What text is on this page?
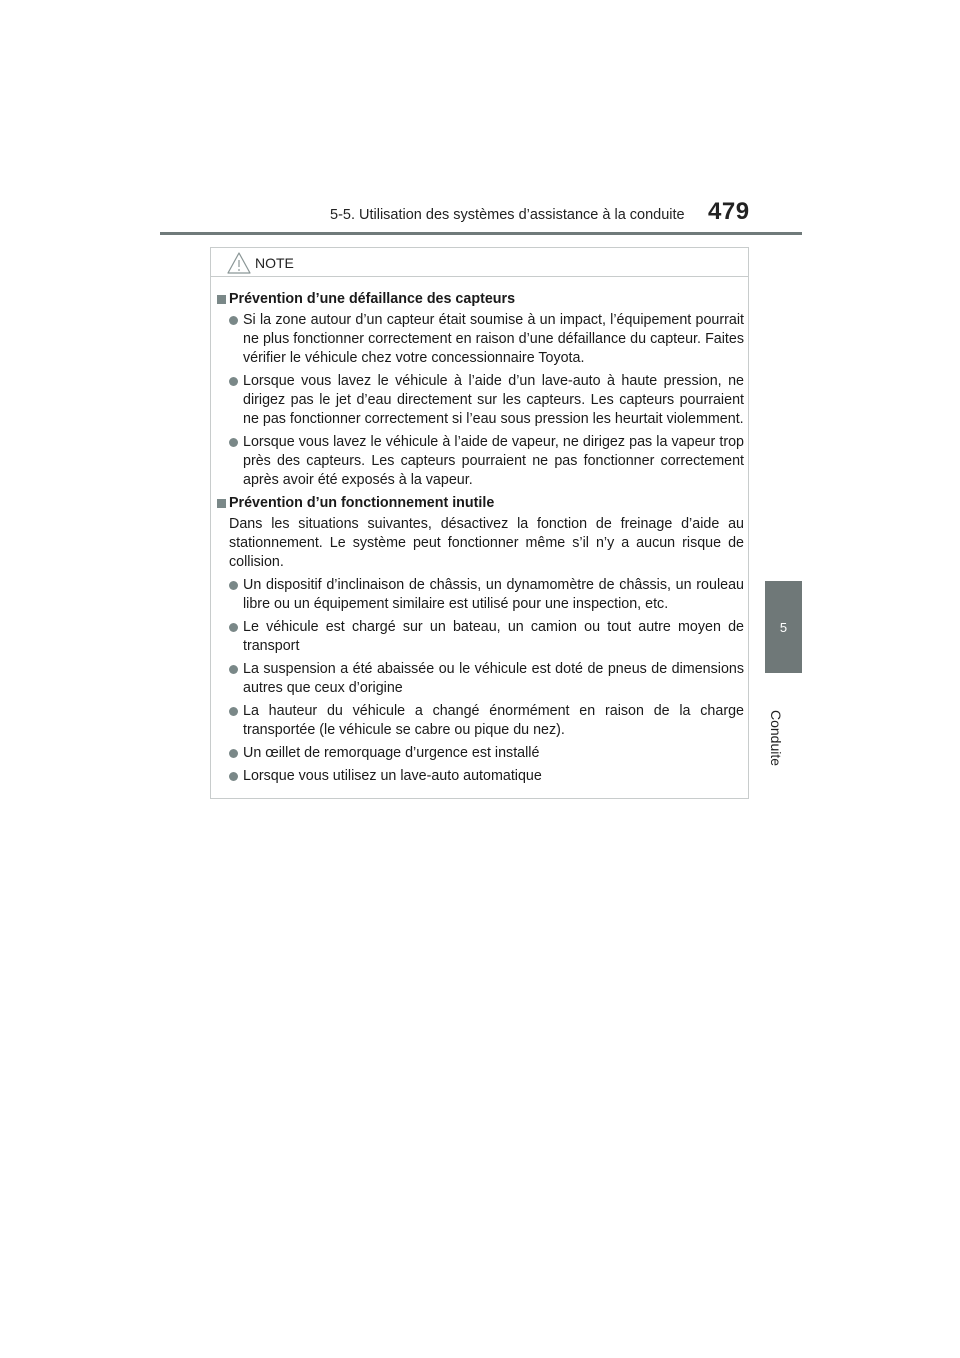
5-5. Utilisation des systèmes d’assistance à la conduite 479
5
Conduite
NOTE
Prévention d’une défaillance des capteurs
Si la zone autour d’un capteur était soumise à un impact, l’équipement pourrait ne plus fonctionner correctement en raison d’une défaillance du capteur. Faites vérifier le véhicule chez votre concessionnaire Toyota.
Lorsque vous lavez le véhicule à l’aide d’un lave-auto à haute pression, ne dirigez pas le jet d’eau directement sur les capteurs. Les capteurs pourraient ne pas fonctionner correctement si l’eau sous pression les heurtait violemment.
Lorsque vous lavez le véhicule à l’aide de vapeur, ne dirigez pas la vapeur trop près des capteurs. Les capteurs pourraient ne pas fonctionner correctement après avoir été exposés à la vapeur.
Prévention d’un fonctionnement inutile
Dans les situations suivantes, désactivez la fonction de freinage d’aide au stationnement. Le système peut fonctionner même s’il n’y a aucun risque de collision.
Un dispositif d’inclinaison de châssis, un dynamomètre de châssis, un rouleau libre ou un équipement similaire est utilisé pour une inspection, etc.
Le véhicule est chargé sur un bateau, un camion ou tout autre moyen de transport
La suspension a été abaissée ou le véhicule est doté de pneus de dimensions autres que ceux d’origine
La hauteur du véhicule a changé énormément en raison de la charge transportée (le véhicule se cabre ou pique du nez).
Un œillet de remorquage d’urgence est installé
Lorsque vous utilisez un lave-auto automatique
